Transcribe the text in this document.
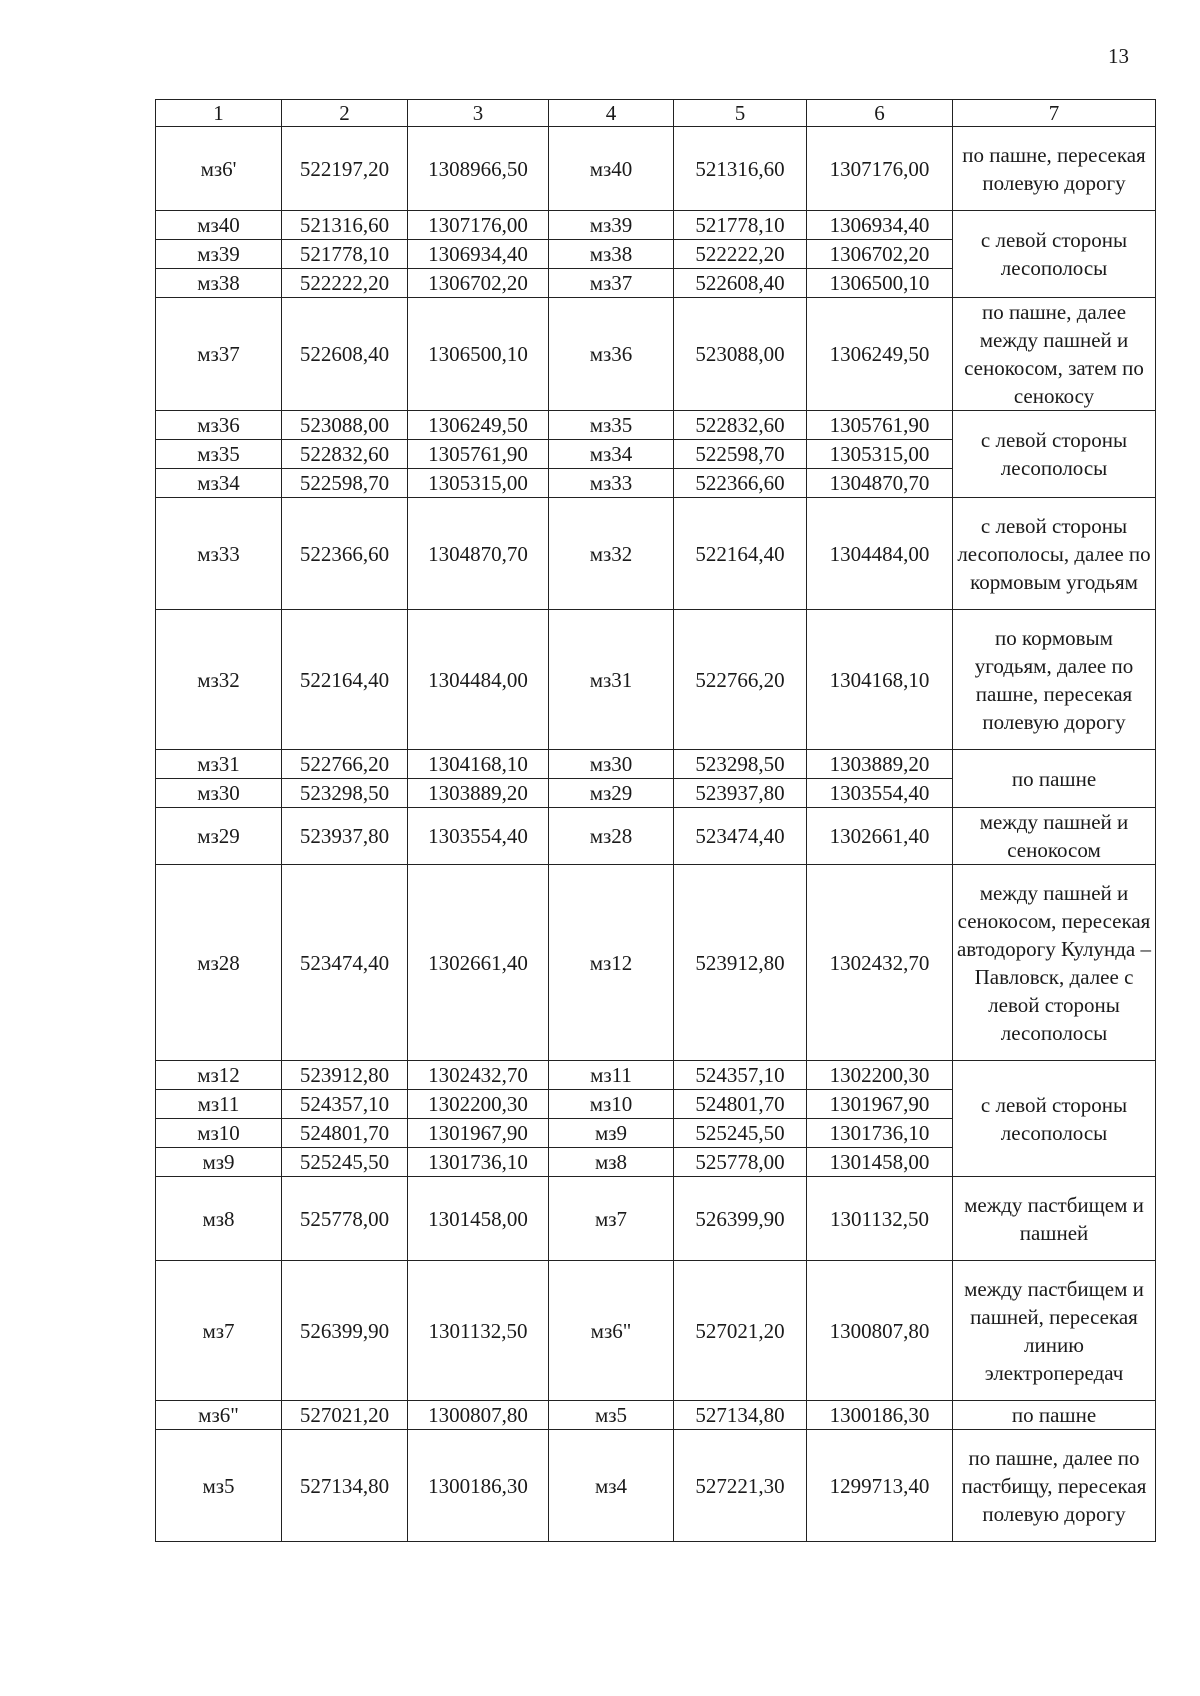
13
1	2	3	4	5	6	7
мз6'	522197,20	1308966,50	мз40	521316,60	1307176,00	по пашне, пересекая полевую дорогу
мз40	521316,60	1307176,00	мз39	521778,10	1306934,40	с левой стороны лесополосы
мз39	521778,10	1306934,40	мз38	522222,20	1306702,20	
мз38	522222,20	1306702,20	мз37	522608,40	1306500,10	
мз37	522608,40	1306500,10	мз36	523088,00	1306249,50	по пашне, далее между пашней и сенокосом, затем по сенокосу
мз36	523088,00	1306249,50	мз35	522832,60	1305761,90	с левой стороны лесополосы
мз35	522832,60	1305761,90	мз34	522598,70	1305315,00	
мз34	522598,70	1305315,00	мз33	522366,60	1304870,70	
мз33	522366,60	1304870,70	мз32	522164,40	1304484,00	с левой стороны лесополосы, далее по кормовым угодьям
мз32	522164,40	1304484,00	мз31	522766,20	1304168,10	по кормовым угодьям, далее по пашне, пересекая полевую дорогу
мз31	522766,20	1304168,10	мз30	523298,50	1303889,20	по пашне
мз30	523298,50	1303889,20	мз29	523937,80	1303554,40	
мз29	523937,80	1303554,40	мз28	523474,40	1302661,40	между пашней и сенокосом
мз28	523474,40	1302661,40	мз12	523912,80	1302432,70	между пашней и сенокосом, пересекая автодорогу Кулунда – Павловск, далее с левой стороны лесополосы
мз12	523912,80	1302432,70	мз11	524357,10	1302200,30	с левой стороны лесополосы
мз11	524357,10	1302200,30	мз10	524801,70	1301967,90	
мз10	524801,70	1301967,90	мз9	525245,50	1301736,10	
мз9	525245,50	1301736,10	мз8	525778,00	1301458,00	
мз8	525778,00	1301458,00	мз7	526399,90	1301132,50	между пастбищем и пашней
мз7	526399,90	1301132,50	мз6"	527021,20	1300807,80	между пастбищем и пашней, пересекая линию электропередач
мз6"	527021,20	1300807,80	мз5	527134,80	1300186,30	по пашне
мз5	527134,80	1300186,30	мз4	527221,30	1299713,40	по пашне, далее по пастбищу, пересекая полевую дорогу
